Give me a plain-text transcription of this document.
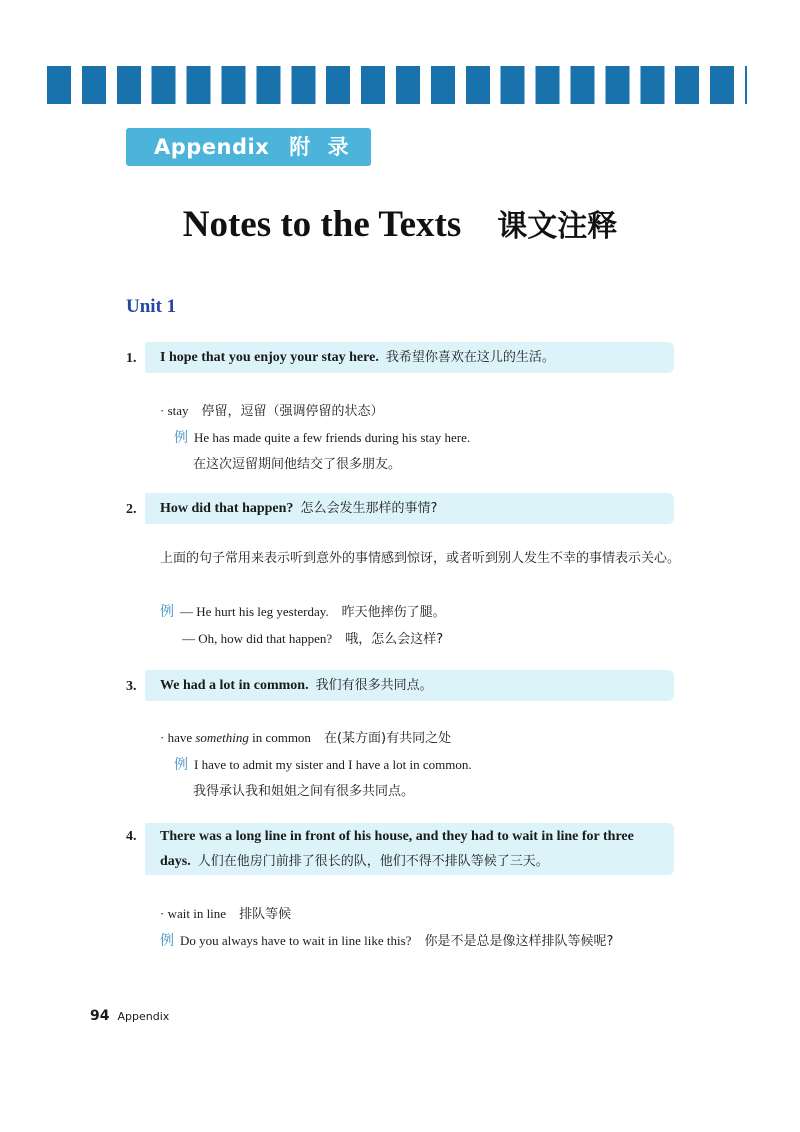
Appendix 附 录
Notes to the Texts 课文注释
Unit 1
1.	I hope that you enjoy your stay here. 我希望你喜欢在这儿的生活。
· stay 停留，逗留（强调停留的状态）
例 He has made quite a few friends during his stay here.
在这次逗留期间他结交了很多朋友。
2.	How did that happen? 怎么会发生那样的事情?
上面的句子常用来表示听到意外的事情感到惊讶，或者听到别人发生不幸的事情表示关心。
例 — He hurt his leg yesterday. 昨天他摔伤了腿。
— Oh, how did that happen? 哦，怎么会这样?
3.	We had a lot in common. 我们有很多共同点。
· have something in common 在(某方面)有共同之处
例 I have to admit my sister and I have a lot in common.
我得承认我和姐姐之间有很多共同点。
4.	There was a long line in front of his house, and they had to wait in line for three
days. 人们在他房门前排了很长的队，他们不得不排队等候了三天。
· wait in line 排队等候
例 Do you always have to wait in line like this? 你是不是总是像这样排队等候呢?
94 Appendix
